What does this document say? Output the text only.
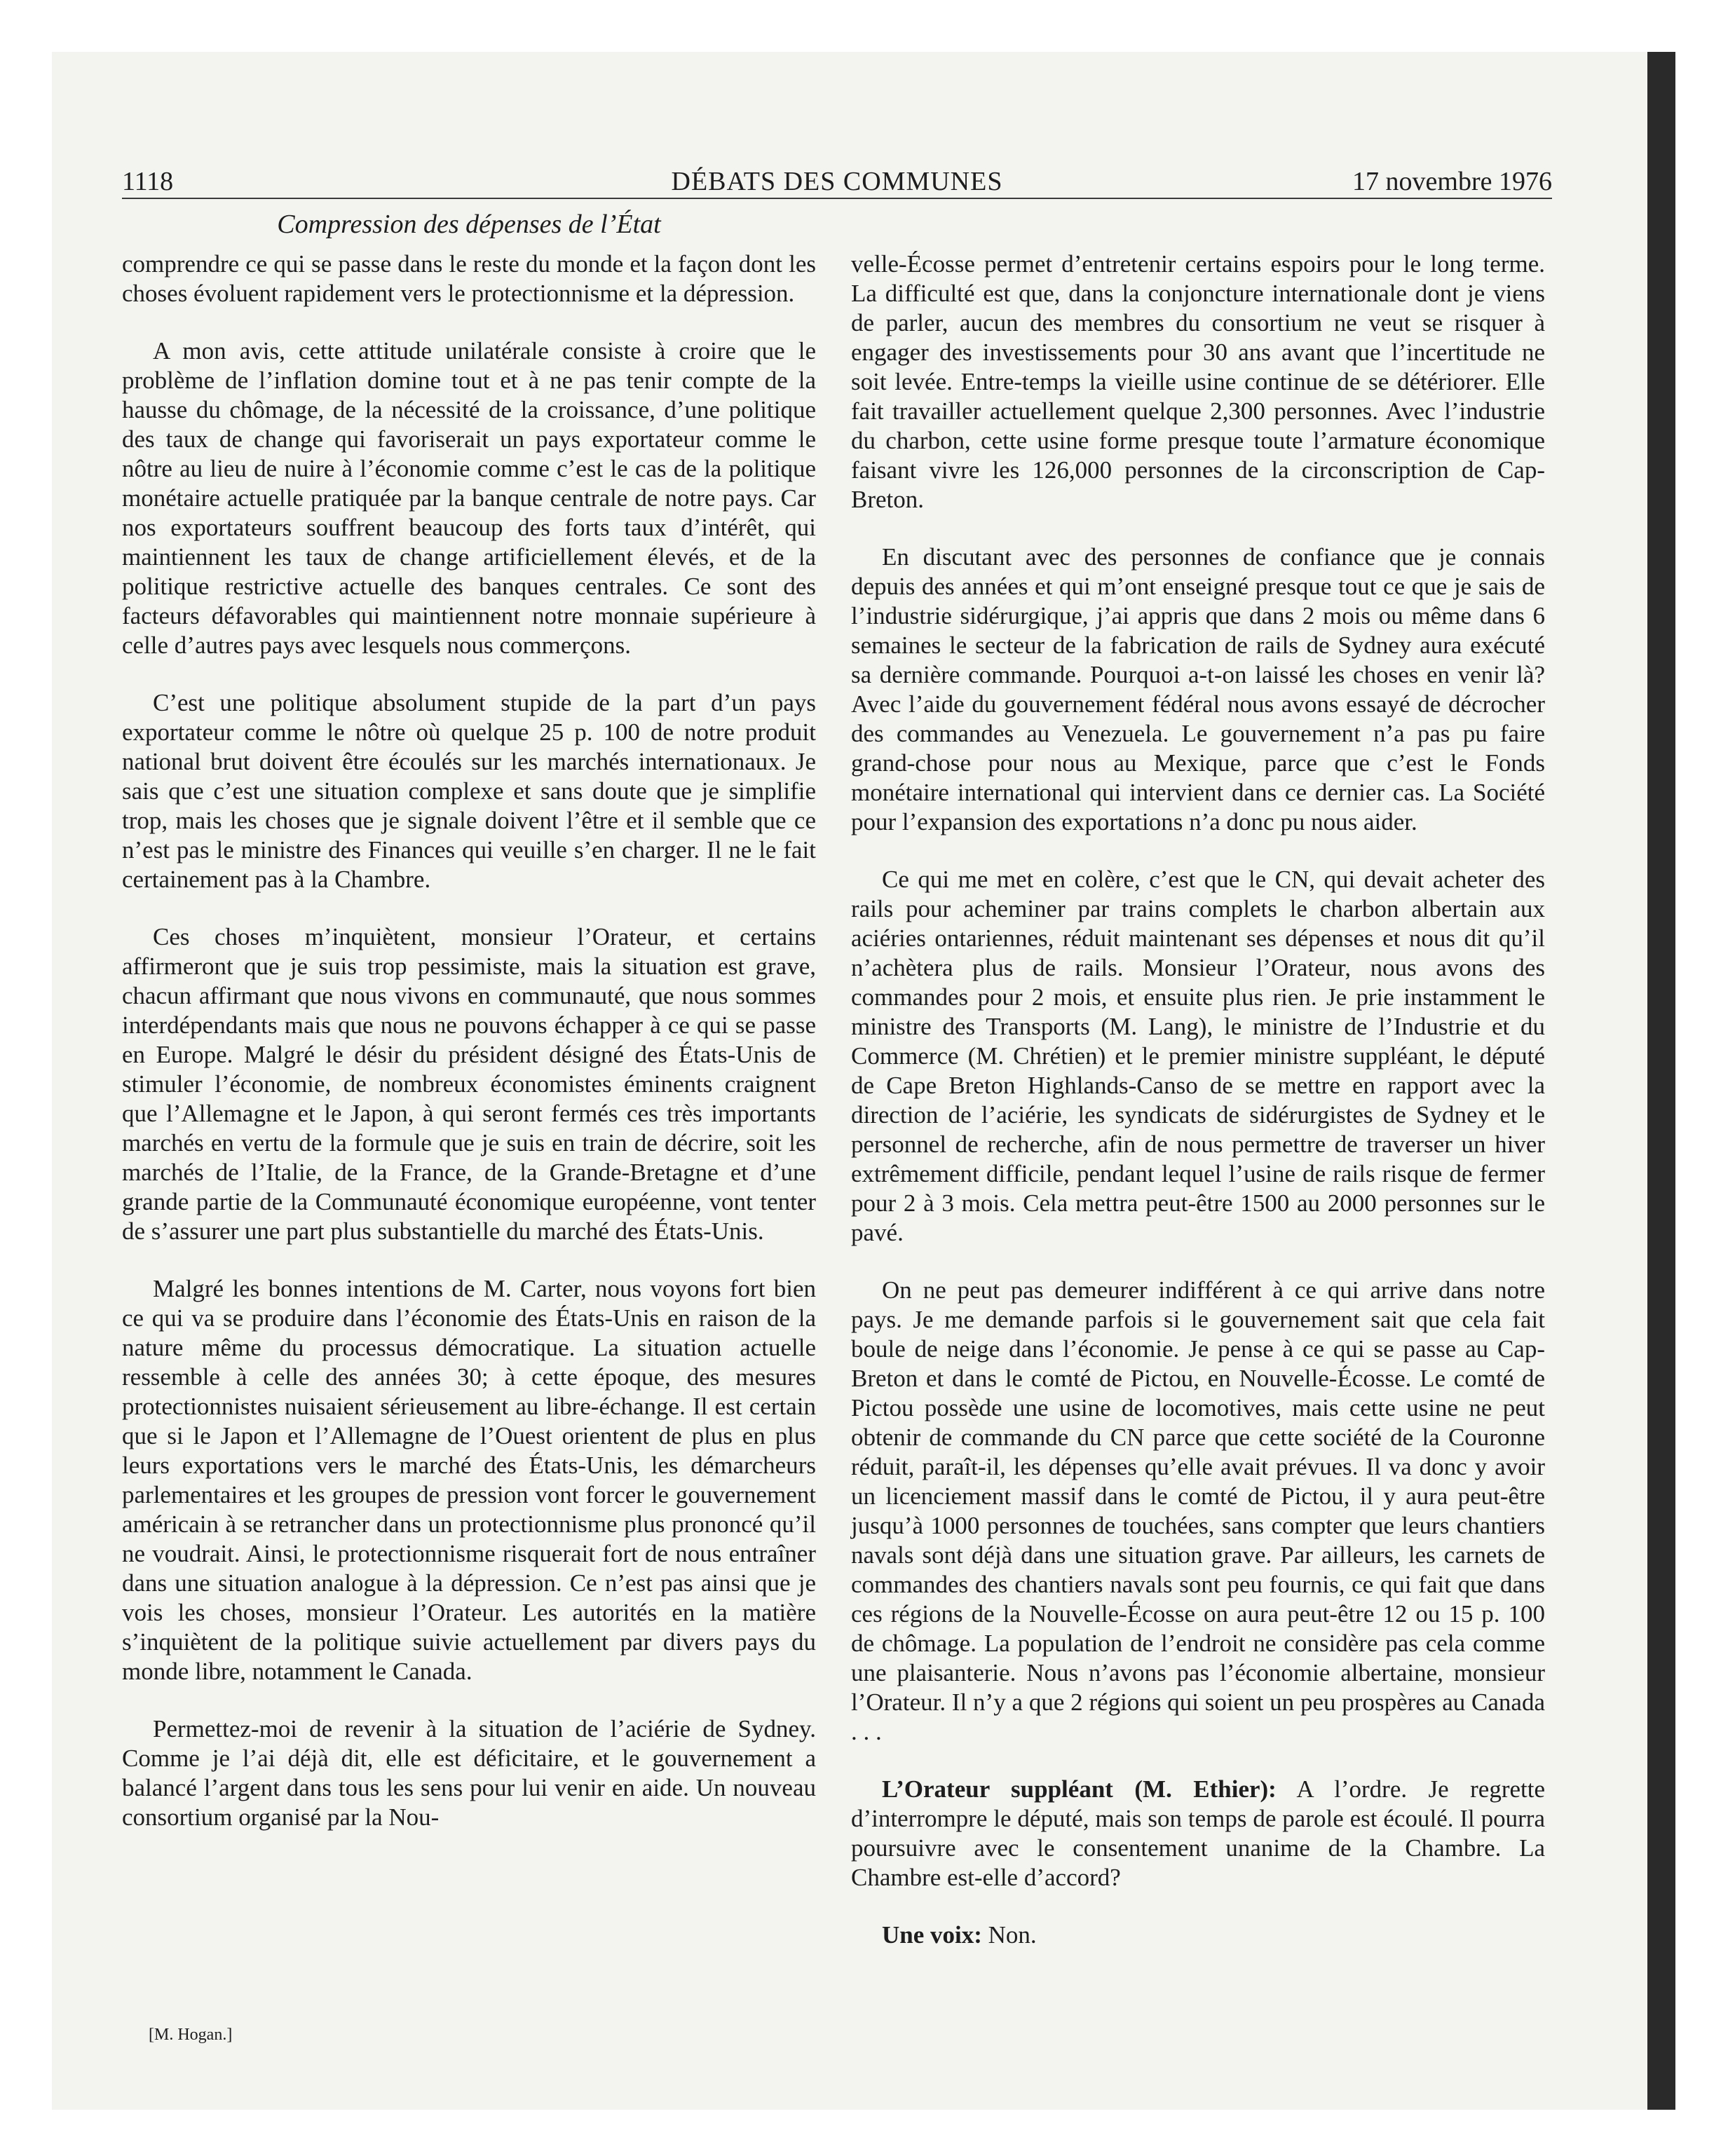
1118	DÉBATS DES COMMUNES	17 novembre 1976
Compression des dépenses de l’État

comprendre ce qui se passe dans le reste du monde et la façon dont les choses évoluent rapidement vers le protectionnisme et la dépression.

A mon avis, cette attitude unilatérale consiste à croire que le problème de l’inflation domine tout et à ne pas tenir compte de la hausse du chômage, de la nécessité de la croissance, d’une politique des taux de change qui favoriserait un pays exportateur comme le nôtre au lieu de nuire à l’économie comme c’est le cas de la politique monétaire actuelle pratiquée par la banque centrale de notre pays. Car nos exportateurs souffrent beaucoup des forts taux d’intérêt, qui maintiennent les taux de change artificiellement élevés, et de la politique restrictive actuelle des banques centrales. Ce sont des facteurs défavorables qui maintiennent notre monnaie supérieure à celle d’autres pays avec lesquels nous commerçons.

C’est une politique absolument stupide de la part d’un pays exportateur comme le nôtre où quelque 25 p. 100 de notre produit national brut doivent être écoulés sur les marchés internationaux. Je sais que c’est une situation complexe et sans doute que je simplifie trop, mais les choses que je signale doivent l’être et il semble que ce n’est pas le ministre des Finances qui veuille s’en charger. Il ne le fait certainement pas à la Chambre.

Ces choses m’inquiètent, monsieur l’Orateur, et certains affirmeront que je suis trop pessimiste, mais la situation est grave, chacun affirmant que nous vivons en communauté, que nous sommes interdépendants mais que nous ne pouvons échapper à ce qui se passe en Europe. Malgré le désir du président désigné des États-Unis de stimuler l’économie, de nombreux économistes éminents craignent que l’Allemagne et le Japon, à qui seront fermés ces très importants marchés en vertu de la formule que je suis en train de décrire, soit les marchés de l’Italie, de la France, de la Grande-Bretagne et d’une grande partie de la Communauté économique européenne, vont tenter de s’assurer une part plus substantielle du marché des États-Unis.

Malgré les bonnes intentions de M. Carter, nous voyons fort bien ce qui va se produire dans l’économie des États-Unis en raison de la nature même du processus démocratique. La situation actuelle ressemble à celle des années 30; à cette époque, des mesures protectionnistes nuisaient sérieusement au libre-échange. Il est certain que si le Japon et l’Allemagne de l’Ouest orientent de plus en plus leurs exportations vers le marché des États-Unis, les démarcheurs parlementaires et les groupes de pression vont forcer le gouvernement américain à se retrancher dans un protectionnisme plus prononcé qu’il ne voudrait. Ainsi, le protectionnisme risquerait fort de nous entraîner dans une situation analogue à la dépression. Ce n’est pas ainsi que je vois les choses, monsieur l’Orateur. Les autorités en la matière s’inquiètent de la politique suivie actuellement par divers pays du monde libre, notamment le Canada.

Permettez-moi de revenir à la situation de l’aciérie de Sydney. Comme je l’ai déjà dit, elle est déficitaire, et le gouvernement a balancé l’argent dans tous les sens pour lui venir en aide. Un nouveau consortium organisé par la Nou-

[M. Hogan.]

velle-Écosse permet d’entretenir certains espoirs pour le long terme. La difficulté est que, dans la conjoncture internationale dont je viens de parler, aucun des membres du consortium ne veut se risquer à engager des investissements pour 30 ans avant que l’incertitude ne soit levée. Entre-temps la vieille usine continue de se détériorer. Elle fait travailler actuellement quelque 2,300 personnes. Avec l’industrie du charbon, cette usine forme presque toute l’armature économique faisant vivre les 126,000 personnes de la circonscription de Cap-Breton.

En discutant avec des personnes de confiance que je connais depuis des années et qui m’ont enseigné presque tout ce que je sais de l’industrie sidérurgique, j’ai appris que dans 2 mois ou même dans 6 semaines le secteur de la fabrication de rails de Sydney aura exécuté sa dernière commande. Pourquoi a-t-on laissé les choses en venir là? Avec l’aide du gouvernement fédéral nous avons essayé de décrocher des commandes au Venezuela. Le gouvernement n’a pas pu faire grand-chose pour nous au Mexique, parce que c’est le Fonds monétaire international qui intervient dans ce dernier cas. La Société pour l’expansion des exportations n’a donc pu nous aider.

Ce qui me met en colère, c’est que le CN, qui devait acheter des rails pour acheminer par trains complets le charbon albertain aux aciéries ontariennes, réduit maintenant ses dépenses et nous dit qu’il n’achètera plus de rails. Monsieur l’Orateur, nous avons des commandes pour 2 mois, et ensuite plus rien. Je prie instamment le ministre des Transports (M. Lang), le ministre de l’Industrie et du Commerce (M. Chrétien) et le premier ministre suppléant, le député de Cape Breton Highlands-Canso de se mettre en rapport avec la direction de l’aciérie, les syndicats de sidérurgistes de Sydney et le personnel de recherche, afin de nous permettre de traverser un hiver extrêmement difficile, pendant lequel l’usine de rails risque de fermer pour 2 à 3 mois. Cela mettra peut-être 1500 au 2000 personnes sur le pavé.

On ne peut pas demeurer indifférent à ce qui arrive dans notre pays. Je me demande parfois si le gouvernement sait que cela fait boule de neige dans l’économie. Je pense à ce qui se passe au Cap-Breton et dans le comté de Pictou, en Nouvelle-Écosse. Le comté de Pictou possède une usine de locomotives, mais cette usine ne peut obtenir de commande du CN parce que cette société de la Couronne réduit, paraît-il, les dépenses qu’elle avait prévues. Il va donc y avoir un licenciement massif dans le comté de Pictou, il y aura peut-être jusqu’à 1000 personnes de touchées, sans compter que leurs chantiers navals sont déjà dans une situation grave. Par ailleurs, les carnets de commandes des chantiers navals sont peu fournis, ce qui fait que dans ces régions de la Nouvelle-Écosse on aura peut-être 12 ou 15 p. 100 de chômage. La population de l’endroit ne considère pas cela comme une plaisanterie. Nous n’avons pas l’économie albertaine, monsieur l’Orateur. Il n’y a que 2 régions qui soient un peu prospères au Canada . . .

L’Orateur suppléant (M. Ethier): A l’ordre. Je regrette d’interrompre le député, mais son temps de parole est écoulé. Il pourra poursuivre avec le consentement unanime de la Chambre. La Chambre est-elle d’accord?

Une voix: Non.
